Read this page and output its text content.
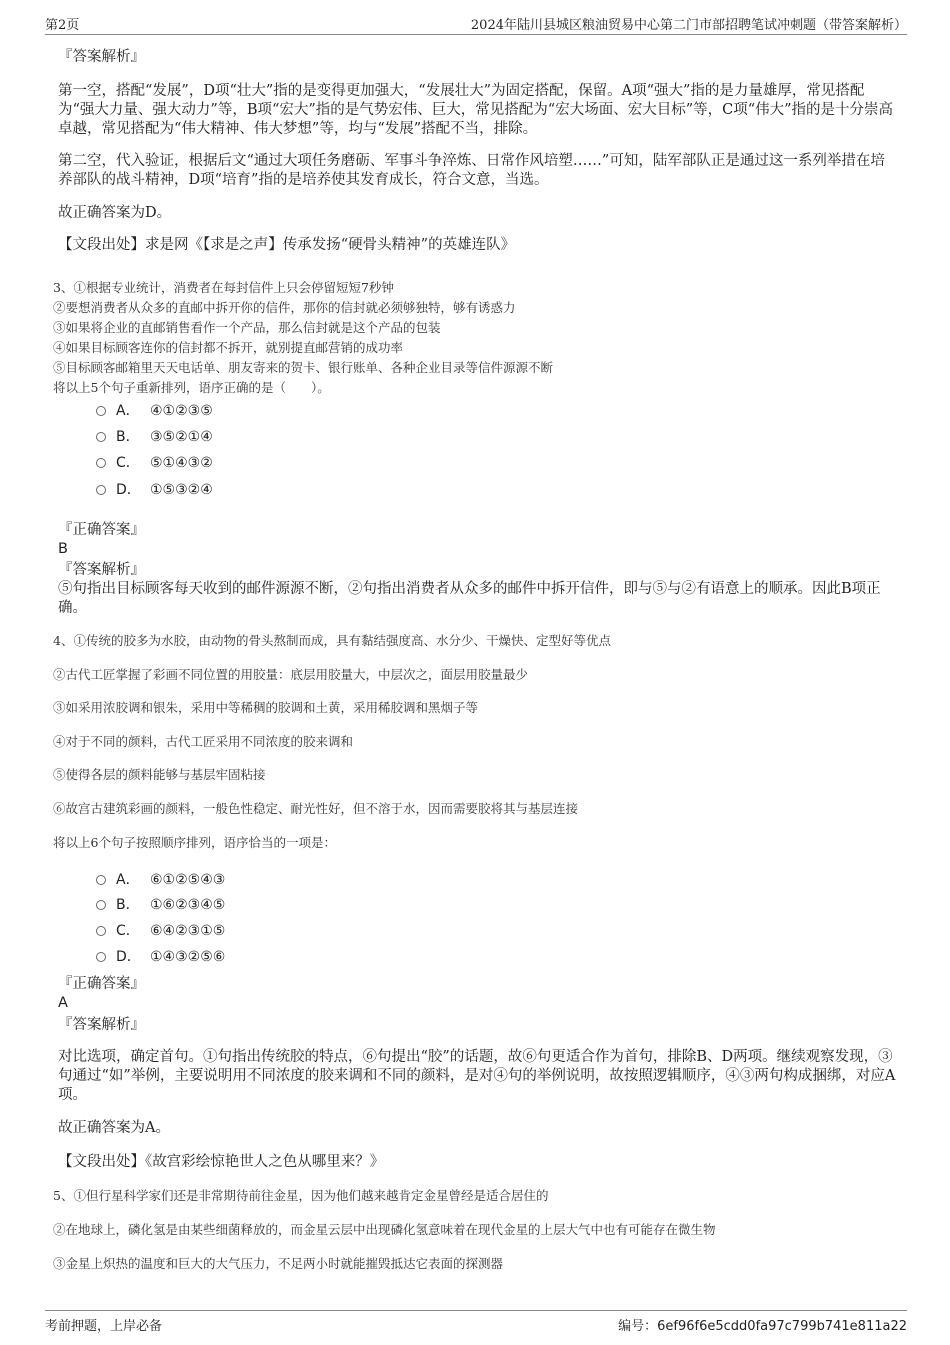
第2页	2024年陆川县城区粮油贸易中心第二门市部招聘笔试冲刺题（带答案解析）
『答案解析』
第一空，搭配“发展”，D项“壮大”指的是变得更加强大，“发展壮大”为固定搭配，保留。A项“强大”指的是力量雄厚，常见搭配为“强大力量、强大动力”等，B项“宏大”指的是气势宏伟、巨大，常见搭配为“宏大场面、宏大目标”等，C项“伟大”指的是十分崇高卓越，常见搭配为“伟大精神、伟大梦想”等，均与“发展”搭配不当，排除。
第二空，代入验证，根据后文“通过大项任务磨砺、军事斗争淬炼、日常作风培塑……”可知，陆军部队正是通过这一系列举措在培养部队的战斗精神，D项“培育”指的是培养使其发育成长，符合文意，当选。
故正确答案为D。
【文段出处】求是网《【求是之声】传承发扬“硬骨头精神”的英雄连队》
3、①根据专业统计，消费者在每封信件上只会停留短短7秒钟
②要想消费者从众多的直邮中拆开你的信件，那你的信封就必须够独特，够有诱惑力
③如果将企业的直邮销售看作一个产品，那么信封就是这个产品的包装
④如果目标顾客连你的信封都不拆开，就别提直邮营销的成功率
⑤目标顾客邮箱里天天电话单、朋友寄来的贺卡、银行账单、各种企业目录等信件源源不断
将以上5个句子重新排列，语序正确的是（　　）。
A． ④①②③⑤
B． ③⑤②①④
C． ⑤①④③②
D． ①⑤③②④
『正确答案』
B
『答案解析』
⑤句指出目标顾客每天收到的邮件源源不断，②句指出消费者从众多的邮件中拆开信件，即与⑤与②有语意上的顺承。因此B项正确。
4、①传统的胶多为水胶，由动物的骨头熬制而成，具有黏结强度高、水分少、干燥快、定型好等优点
②古代工匠掌握了彩画不同位置的用胶量：底层用胶量大，中层次之，面层用胶量最少
③如采用浓胶调和银朱，采用中等稀稠的胶调和土黄，采用稀胶调和黑烟子等
④对于不同的颜料，古代工匠采用不同浓度的胶来调和
⑤使得各层的颜料能够与基层牢固粘接
⑥故宫古建筑彩画的颜料，一般色性稳定、耐光性好，但不溶于水，因而需要胶将其与基层连接
将以上6个句子按照顺序排列，语序恰当的一项是：
A． ⑥①②⑤④③
B． ①⑥②③④⑤
C． ⑥④②③①⑤
D． ①④③②⑤⑥
『正确答案』
A
『答案解析』
对比选项，确定首句。①句指出传统胶的特点，⑥句提出“胶”的话题，故⑥句更适合作为首句，排除B、D两项。继续观察发现，③句通过“如”举例，主要说明用不同浓度的胶来调和不同的颜料，是对④句的举例说明，故按照逻辑顺序，④③两句构成捆绑，对应A项。
故正确答案为A。
【文段出处】《故宫彩绘惊艳世人之色从哪里来？》
5、①但行星科学家们还是非常期待前往金星，因为他们越来越肯定金星曾经是适合居住的
②在地球上，磷化氢是由某些细菌释放的，而金星云层中出现磷化氢意味着在现代金星的上层大气中也有可能存在微生物
③金星上炽热的温度和巨大的大气压力，不足两小时就能摧毁抵达它表面的探测器
考前押题，上岸必备	编号：6ef96f6e5cdd0fa97c799b741e811a22
